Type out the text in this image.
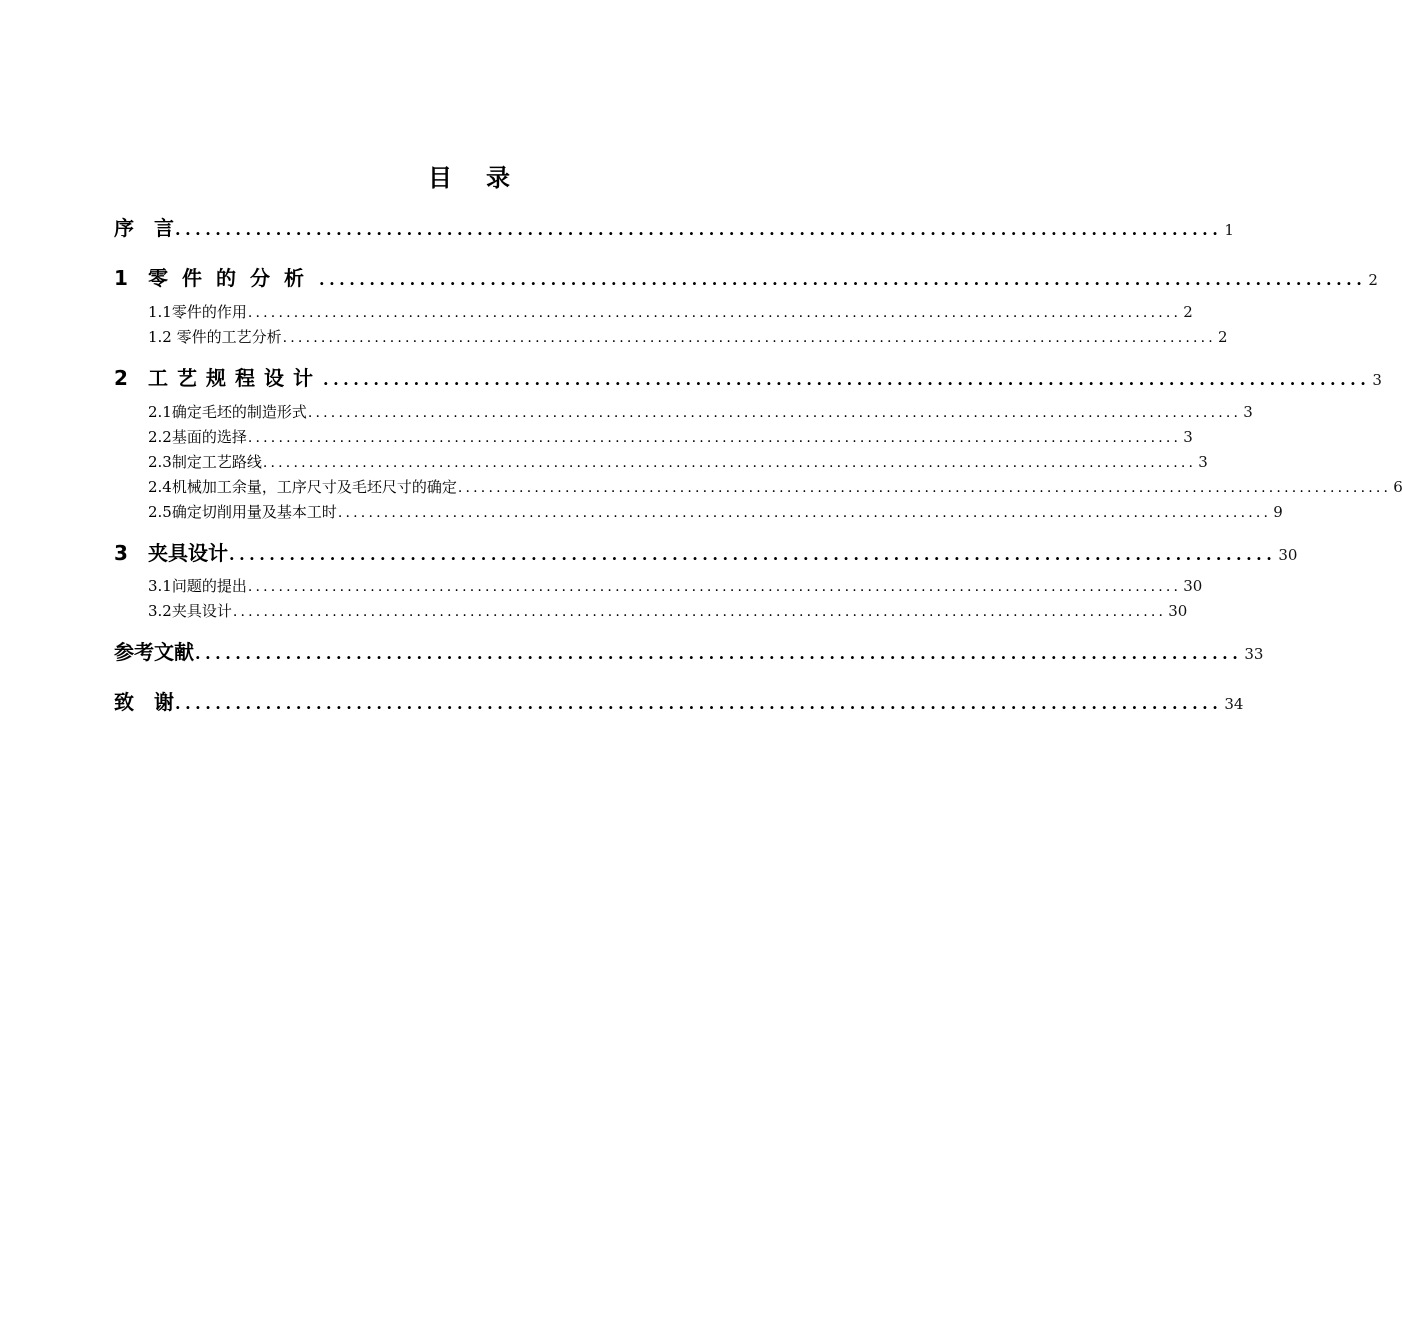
目 录
序　言 ........................................................................................................ 1
1 零件的分析 ........................................................................................................ 2
1.1零件的作用 .......................................................................................................................... 2
1.2 零件的工艺分析 .......................................................................................................................... 2
2 工艺规程设计 ........................................................................................................ 3
2.1确定毛坯的制造形式 .......................................................................................................................... 3
2.2基面的选择 .......................................................................................................................... 3
2.3制定工艺路线 .......................................................................................................................... 3
2.4机械加工余量，工序尺寸及毛坯尺寸的确定 .......................................................................................................................... 6
2.5确定切削用量及基本工时 .......................................................................................................................... 9
3 夹具设计 ........................................................................................................ 30
3.1问题的提出 .......................................................................................................................... 30
3.2夹具设计 .......................................................................................................................... 30
参考文献 ........................................................................................................ 33
致　谢 ........................................................................................................ 34
